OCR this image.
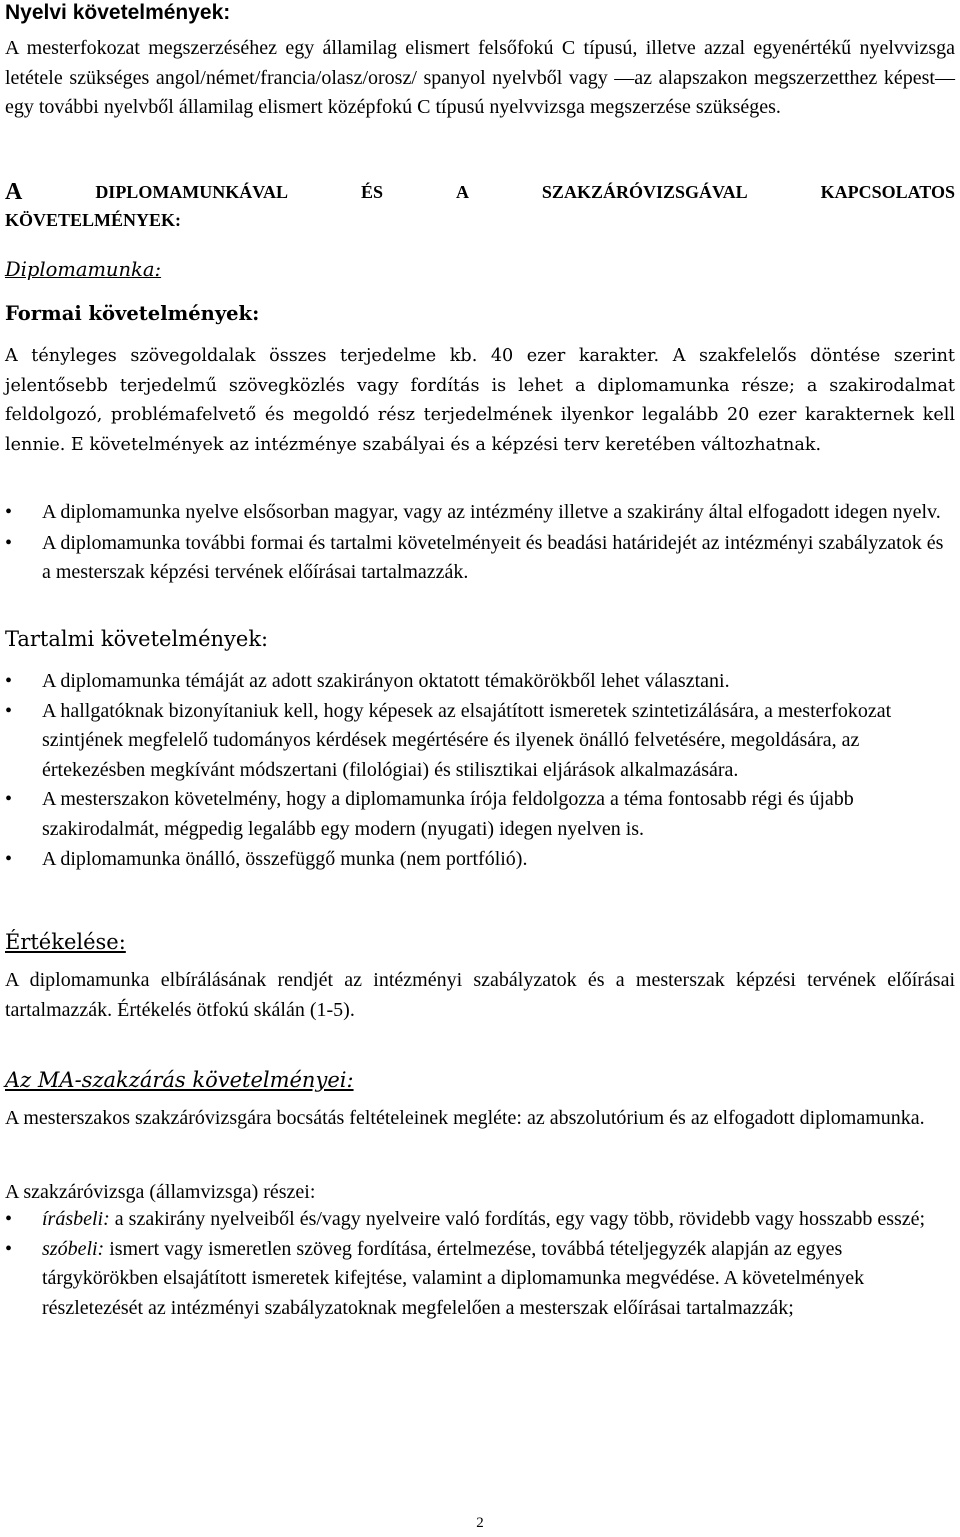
Nyelvi követelmények:
A mesterfokozat megszerzéséhez egy államilag elismert felsőfokú C típusú, illetve azzal egyenértékű nyelvvizsga letétele szükséges angol/német/francia/olasz/orosz/ spanyol nyelvből vagy —az alapszakon megszerzetthez képest— egy további nyelvből államilag elismert középfokú C típusú nyelvvizsga megszerzése szükséges.
A	DIPLOMAMUNKÁVAL	ÉS	A	SZAKZÁRÓVIZSGÁVAL	KAPCSOLATOS
KÖVETELMÉNYEK:
Diplomamunka:
Formai követelmények:
A tényleges szövegoldalak összes terjedelme kb. 40 ezer karakter. A szakfelelős döntése szerint jelentősebb terjedelmű szövegközlés vagy fordítás is lehet a diplomamunka része; a szakirodalmat feldolgozó, problémafelvető és megoldó rész terjedelmének ilyenkor legalább 20 ezer karakternek kell lennie. E követelmények az intézménye szabályai és a képzési terv keretében változhatnak.
• A diplomamunka nyelve elsősorban magyar, vagy az intézmény illetve a szakirány által elfogadott idegen nyelv.
• A diplomamunka további formai és tartalmi követelményeit és beadási határidejét az intézményi szabályzatok és a mesterszak képzési tervének előírásai tartalmazzák.
Tartalmi követelmények:
• A diplomamunka témáját az adott szakirányon oktatott témakörökből lehet választani.
• A hallgatóknak bizonyítaniuk kell, hogy képesek az elsajátított ismeretek szintetizálására, a mesterfokozat szintjének megfelelő tudományos kérdések megértésére és ilyenek önálló felvetésére, megoldására, az értekezésben megkívánt módszertani (filológiai) és stilisztikai eljárások alkalmazására.
• A mesterszakon követelmény, hogy a diplomamunka írója feldolgozza a téma fontosabb régi és újabb szakirodalmát, mégpedig legalább egy modern (nyugati) idegen nyelven is.
• A diplomamunka önálló, összefüggő munka (nem portfólió).
Értékelése:
A diplomamunka elbírálásának rendjét az intézményi szabályzatok és a mesterszak képzési tervének előírásai tartalmazzák. Értékelés ötfokú skálán (1-5).
Az MA-szakzárás követelményei:
A mesterszakos szakzáróvizsgára bocsátás feltételeinek megléte: az abszolutórium és az elfogadott diplomamunka.
A szakzáróvizsga (államvizsga) részei:
• írásbeli: a szakirány nyelveiből és/vagy nyelveire való fordítás, egy vagy több, rövidebb vagy hosszabb esszé;
• szóbeli: ismert vagy ismeretlen szöveg fordítása, értelmezése, továbbá tételjegyzék alapján az egyes tárgykörökben elsajátított ismeretek kifejtése, valamint a diplomamunka megvédése. A követelmények részletezését az intézményi szabályzatoknak megfelelően a mesterszak előírásai tartalmazzák;
2
